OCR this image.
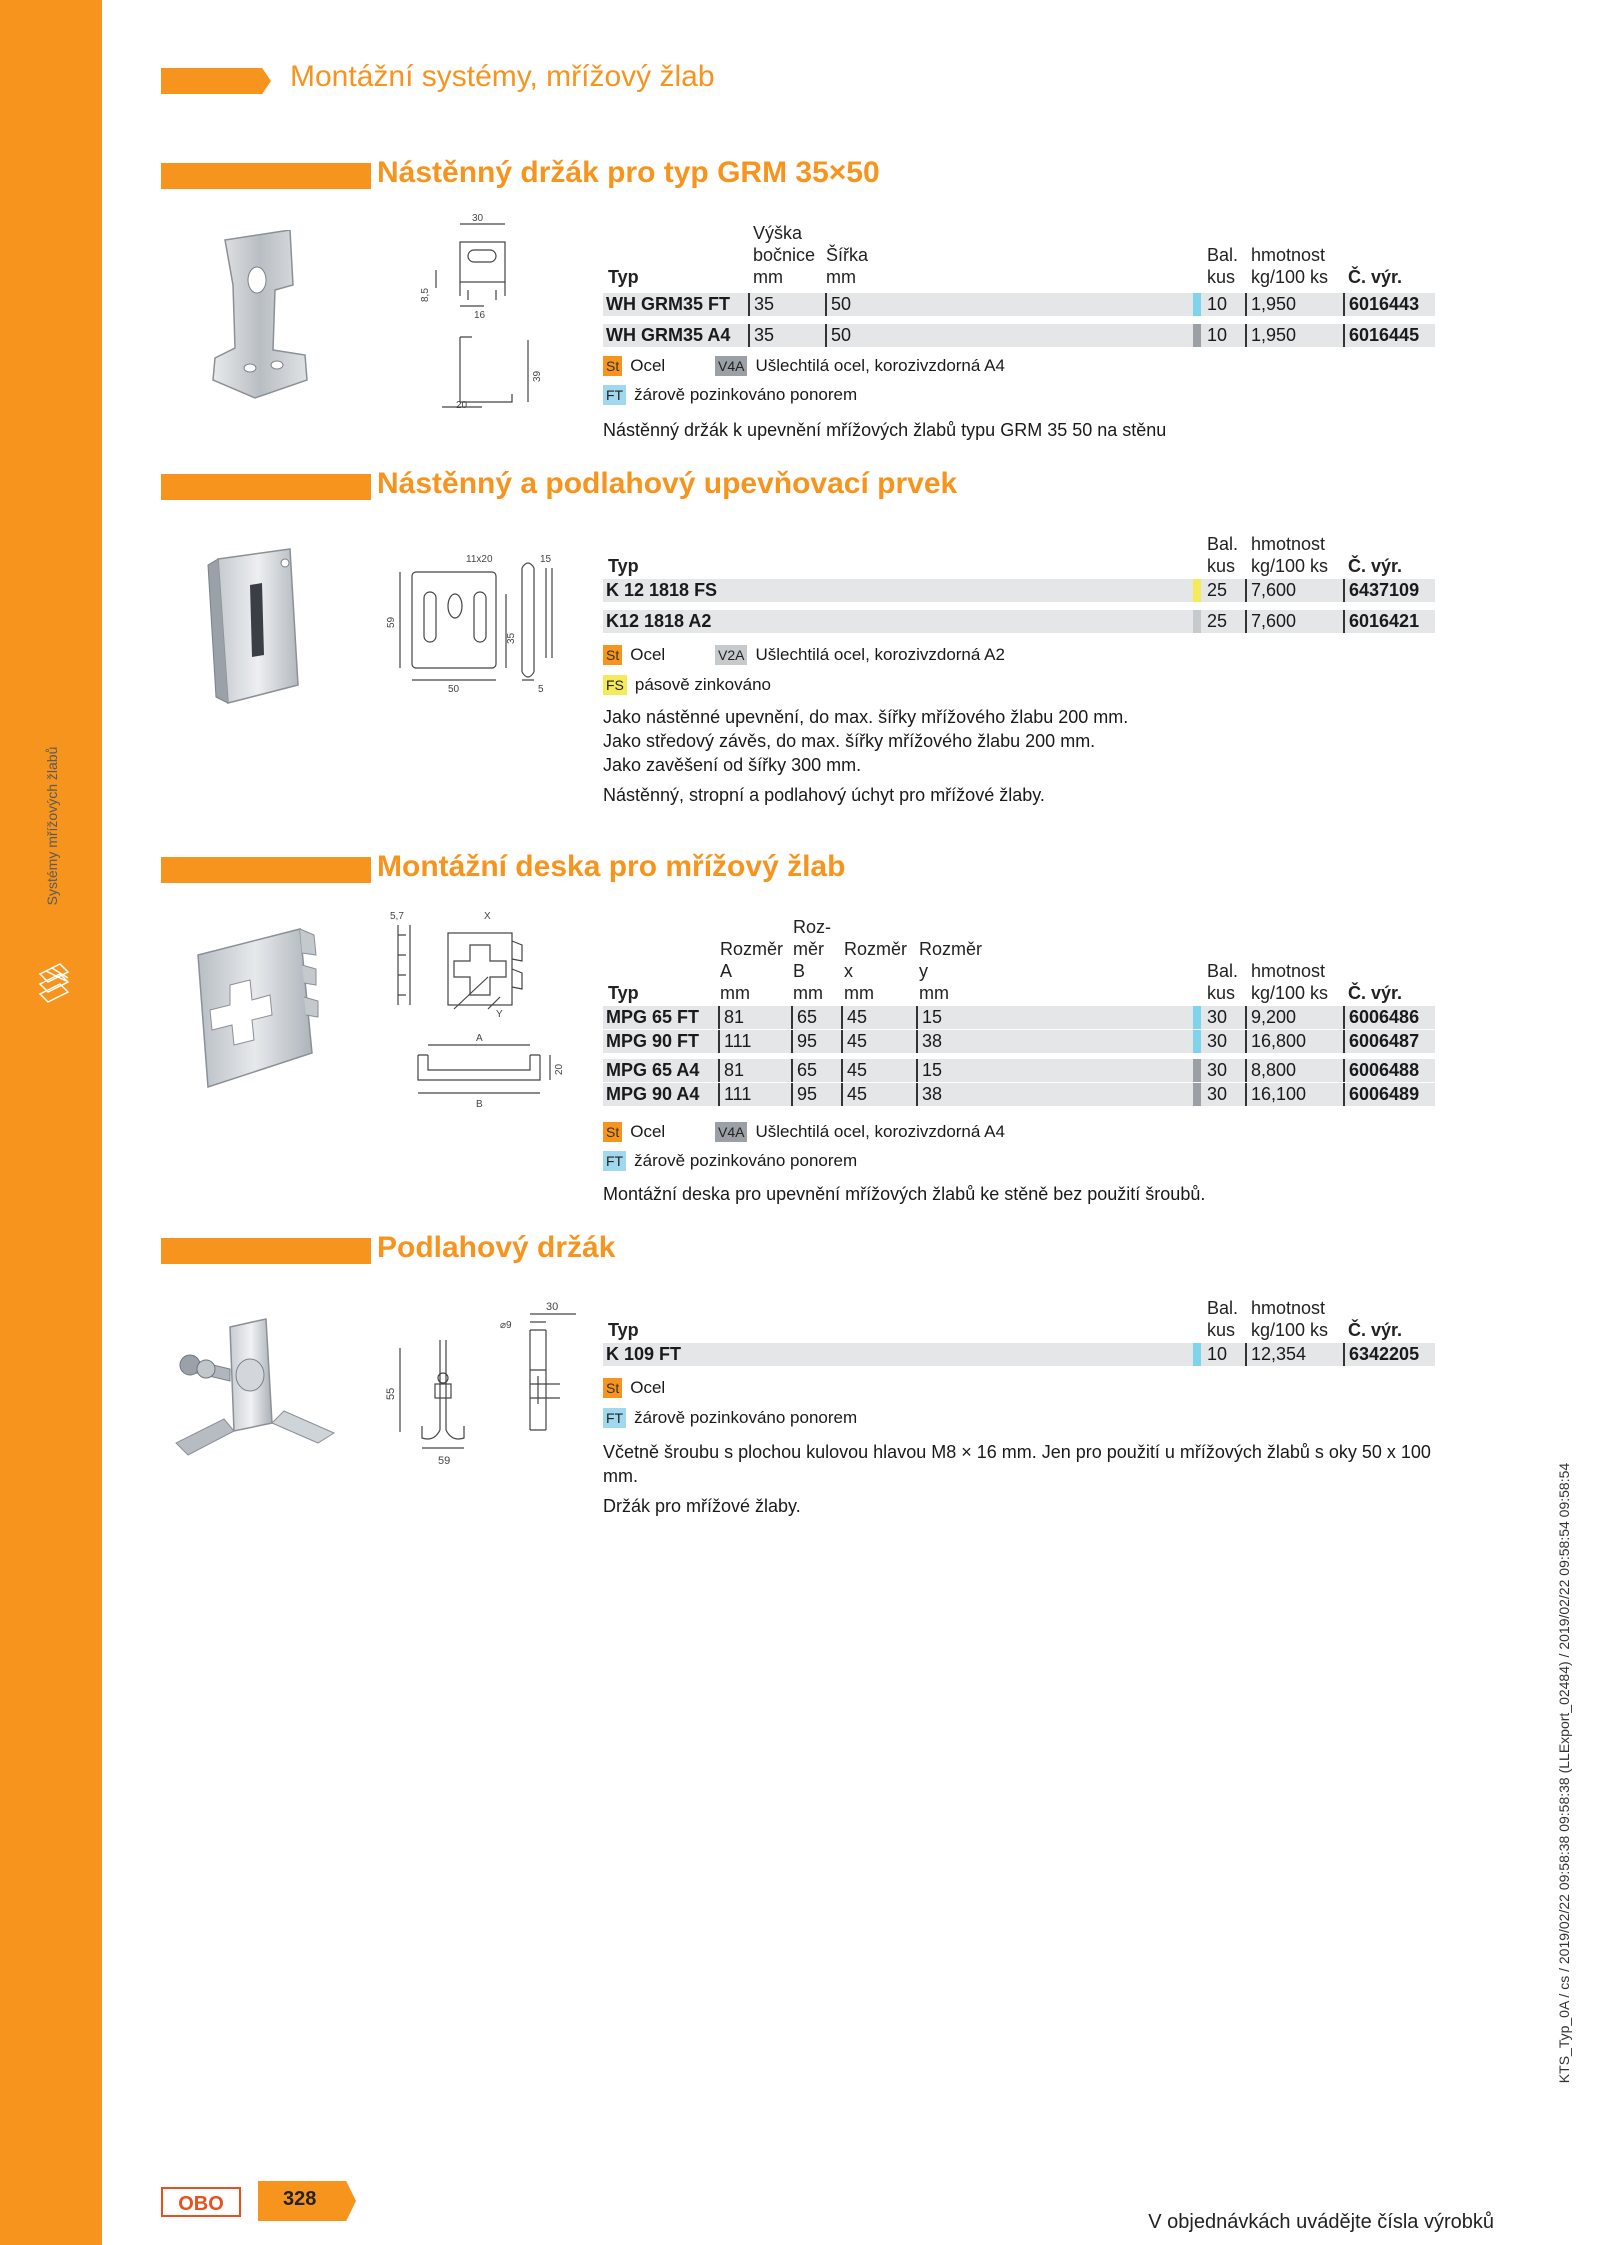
Systémy mřížových žlabů
Montážní systémy, mřížový žlab
Nástěnný držák pro typ GRM 35×50
30
8,5
16
39
20
Výška
bočnice Šířka
Typ	mm mm
Bal. hmotnost
kus kg/100 ks Č. výr.
WH GRM35 FT	35	50	10	1,950	6016443
WH GRM35 A4	35	50	10	1,950	6016445
St Ocel	V4A Ušlechtilá ocel, korozivzdorná A4
FT žárově pozinkováno ponorem

Nástěnný držák k upevnění mřížových žlabů typu GRM 35 50 na stěnu

Nástěnný a podlahový upevňovací prvek
11x20	15
59
35
50	5
Bal. hmotnost
Typ	kus kg/100 ks Č. výr.
K 12 1818 FS	25	7,600	6437109
K12 1818 A2	25	7,600	6016421
St Ocel	V2A Ušlechtilá ocel, korozivzdorná A2
FS pásově zinkováno

Jako nástěnné upevnění, do max. šířky mřížového žlabu 200 mm.

Jako středový závěs, do max. šířky mřížového žlabu 200 mm.

Jako zavěšení od šířky 300 mm.

Nástěnný, stropní a podlahový úchyt pro mřížové žlaby.

Montážní deska pro mřížový žlab
5,7	X
Y
A
B
20
Roz-
Rozměr měr Rozměr Rozměr
A	B x	y	Bal. hmotnost
Typ	mm mm mm	mm	kus kg/100 ks Č. výr.
MPG 65 FT	81	65	45	15	30	9,200	6006486
MPG 90 FT	111	95	45	38	30	16,800	6006487
MPG 65 A4	81	65	45	15	30	8,800	6006488
MPG 90 A4	111	95	45	38	30	16,100	6006489
St Ocel	V4A Ušlechtilá ocel, korozivzdorná A4
FT žárově pozinkováno ponorem

Montážní deska pro upevnění mřížových žlabů ke stěně bez použití šroubů.

Podlahový držák
30
⌀9
55
59
Bal. hmotnost
Typ	kus kg/100 ks Č. výr.
K 109 FT	10	12,354	6342205
St Ocel
FT žárově pozinkováno ponorem

Včetně šroubu s plochou kulovou hlavou M8 × 16 mm. Jen pro použití u mřížových žlabů s oky 50 x 100 mm.

Držák pro mřížové žlaby.

OBO	328
V objednávkách uvádějte čísla výrobků
KTS_Typ_0A / cs / 2019/02/22 09:58:38 09:58:38 (LLExport_02484) / 2019/02/22 09:58:54 09:58:54
